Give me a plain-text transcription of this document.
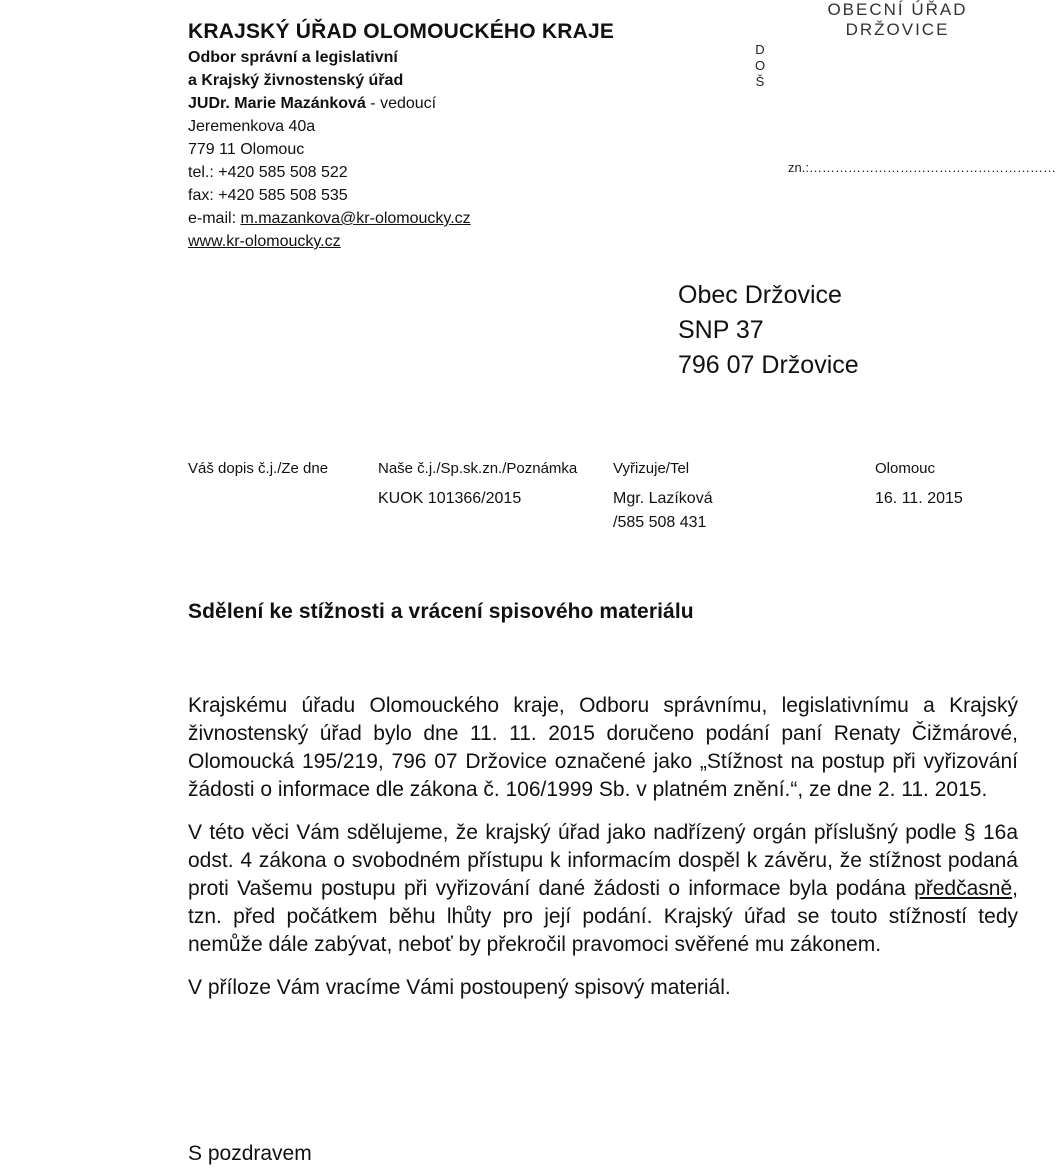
KRAJSKÝ ÚŘAD OLOMOUCKÉHO KRAJE
Odbor správní a legislativní
a Krajský živnostenský úřad
JUDr. Marie Mazánková - vedoucí
Jeremenkova 40a
779 11 Olomouc
tel.: +420 585 508 522
fax: +420 585 508 535
e-mail: m.mazankova@kr-olomoucky.cz
www.kr-olomoucky.cz
D
O
Š
OBECNÍ ÚŘAD
DRŽOVICE
zn.:…………………………………………………
Obec Držovice
SNP 37
796 07 Držovice
Váš dopis č.j./Ze dne	Naše č.j./Sp.sk.zn./Poznámka
KUOK 101366/2015
Vyřizuje/Tel
Mgr. Lazíková
/585 508 431
Olomouc
16. 11. 2015
Sdělení ke stížnosti a vrácení spisového materiálu

Krajskému úřadu Olomouckého kraje, Odboru správnímu, legislativnímu a Krajský živnostenský úřad bylo dne 11. 11. 2015 doručeno podání paní Renaty Čižmárové, Olomoucká 195/219, 796 07 Držovice označené jako „Stížnost na postup při vyřizování žádosti o informace dle zákona č. 106/1999 Sb. v platném znění.“, ze dne 2. 11. 2015.

V této věci Vám sdělujeme, že krajský úřad jako nadřízený orgán příslušný podle § 16a odst. 4 zákona o svobodném přístupu k informacím dospěl k závěru, že stížnost podaná proti Vašemu postupu při vyřizování dané žádosti o informace byla podána předčasně, tzn. před počátkem běhu lhůty pro její podání. Krajský úřad se touto stížností tedy nemůže dále zabývat, neboť by překročil pravomoci svěřené mu zákonem.

V příloze Vám vracíme Vámi postoupený spisový materiál.

S pozdravem
